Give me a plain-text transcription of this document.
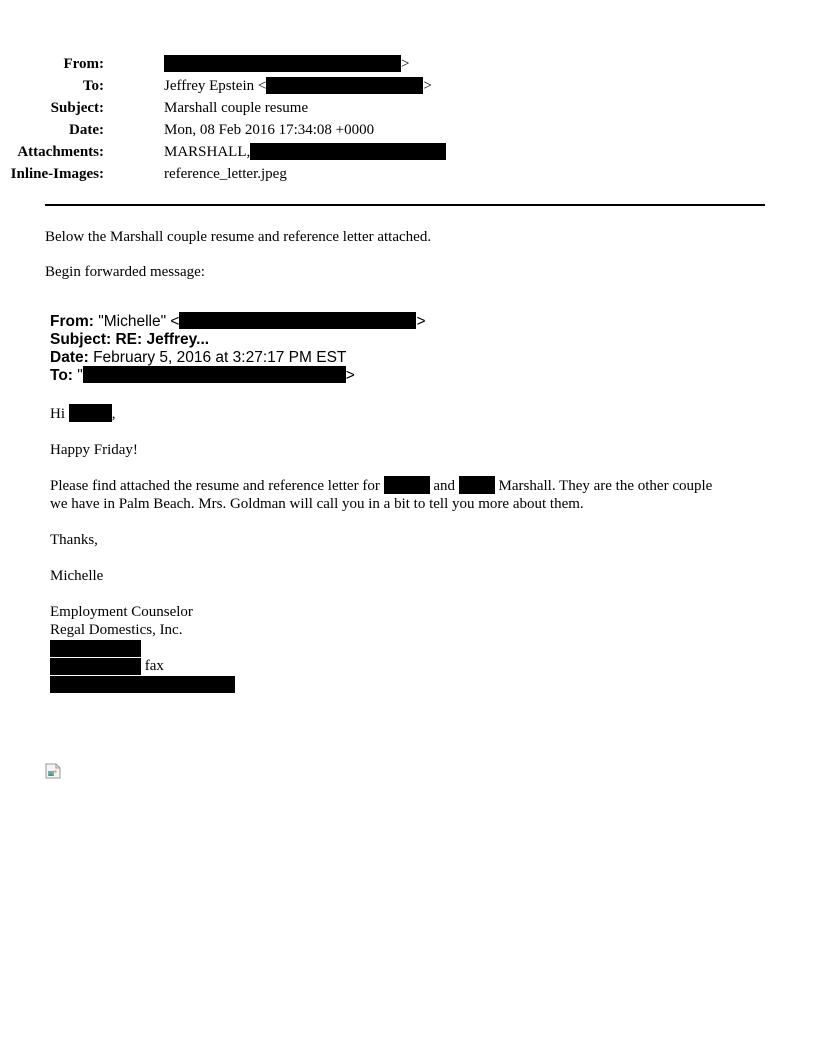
From:	>
To:	Jeffrey Epstein <	>
Subject:	Marshall couple resume
Date:	Mon, 08 Feb 2016 17:34:08 +0000
Attachments:	MARSHALL,
Inline-Images:	reference_letter.jpeg
Below the Marshall couple resume and reference letter attached.
Begin forwarded message:
From: "Michelle" <	>
Subject: RE: Jeffrey...
Date: February 5, 2016 at 3:27:17 PM EST
To: "	>
Hi	,
Happy Friday!
Please find attached the resume and reference letter for	and  Marshall. They are the other couple
we have in Palm Beach. Mrs. Goldman will call you in a bit to tell you more about them.
Thanks,
Michelle
Employment Counselor
Regal Domestics, Inc.
fax
